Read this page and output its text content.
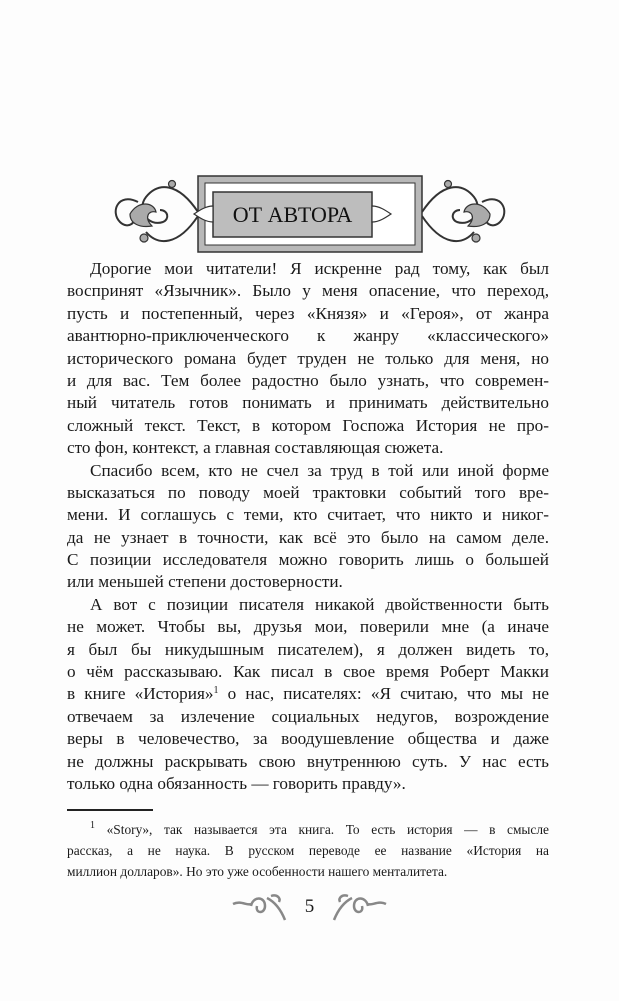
ОТ АВТОРА
Дорогие мои читатели! Я искренне рад тому, как был
воспринят «Язычник». Было у меня опасение, что переход,
пусть и постепенный, через «Князя» и «Героя», от жанра
авантюрно-приключенческого к жанру «классического»
исторического романа будет труден не только для меня, но
и для вас. Тем более радостно было узнать, что современ-
ный читатель готов понимать и принимать действительно
сложный текст. Текст, в котором Госпожа История не про-
сто фон, контекст, а главная составляющая сюжета.
Спасибо всем, кто не счел за труд в той или иной форме
высказаться по поводу моей трактовки событий того вре-
мени. И соглашусь с теми, кто считает, что никто и никог-
да не узнает в точности, как всё это было на самом деле.
С позиции исследователя можно говорить лишь о большей
или меньшей степени достоверности.
А вот с позиции писателя никакой двойственности быть
не может. Чтобы вы, друзья мои, поверили мне (а иначе
я был бы никудышным писателем), я должен видеть то,
о чём рассказываю. Как писал в свое время Роберт Макки
в книге «История»$^1$ о нас, писателях: «Я считаю, что мы не
отвечаем за излечение социальных недугов, возрождение
веры в человечество, за воодушевление общества и даже
не должны раскрывать свою внутреннюю суть. У нас есть
только одна обязанность — говорить правду».
$^1$ «Story», так называется эта книга. То есть история — в смысле
рассказ, а не наука. В русском переводе ее название «История на
миллион долларов». Но это уже особенности нашего менталитета.
5
